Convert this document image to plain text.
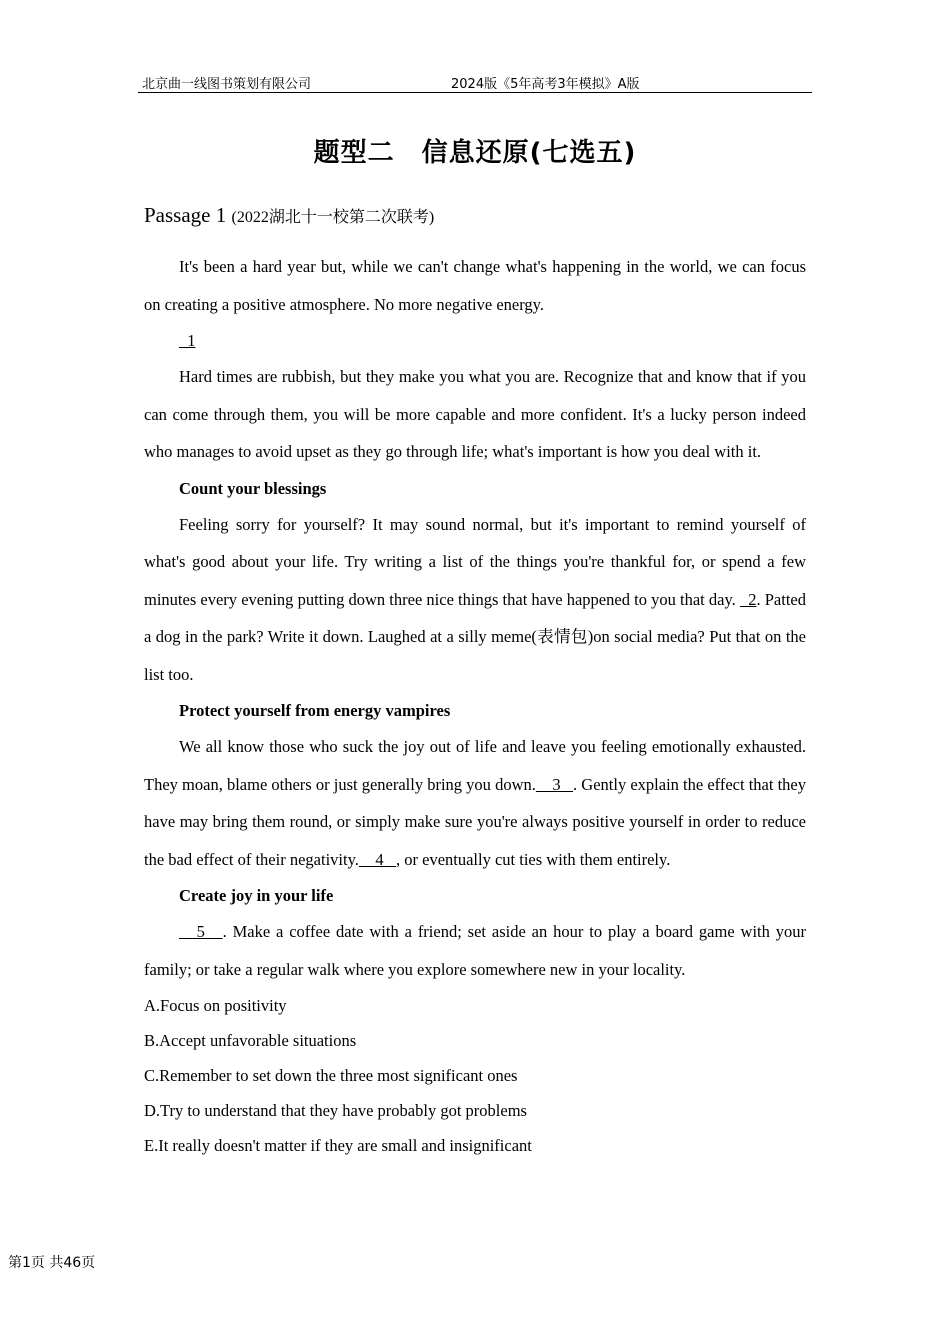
北京曲一线图书策划有限公司	2024版《5年高考3年模拟》A版
题型二　信息还原(七选五)
Passage 1 (2022湖北十一校第二次联考)

It's been a hard year but, while we can't change what's happening in the world, we can focus on creating a positive atmosphere. No more negative energy.

1

Hard times are rubbish, but they make you what you are. Recognize that and know that if you can come through them, you will be more capable and more confident. It's a lucky person indeed who manages to avoid upset as they go through life; what's important is how you deal with it.

Count your blessings

Feeling sorry for yourself? It may sound normal, but it's important to remind yourself of what's good about your life. Try writing a list of the things you're thankful for, or spend a few minutes every evening putting down three nice things that have happened to you that day.   2. Patted a dog in the park? Write it down. Laughed at a silly meme(表情包)on social media? Put that on the list too.

Protect yourself from energy vampires

We all know those who suck the joy out of life and leave you feeling emotionally exhausted. They moan, blame others or just generally bring you down.    3   . Gently explain the effect that they have may bring them round, or simply make sure you're always positive yourself in order to reduce the bad effect of their negativity.    4   , or eventually cut ties with them entirely.

Create joy in your life

5   . Make a coffee date with a friend; set aside an hour to play a board game with your family; or take a regular walk where you explore somewhere new in your locality.

A.Focus on positivity

B.Accept unfavorable situations

C.Remember to set down the three most significant ones

D.Try to understand that they have probably got problems

E.It really doesn't matter if they are small and insignificant

第1页 共46页
